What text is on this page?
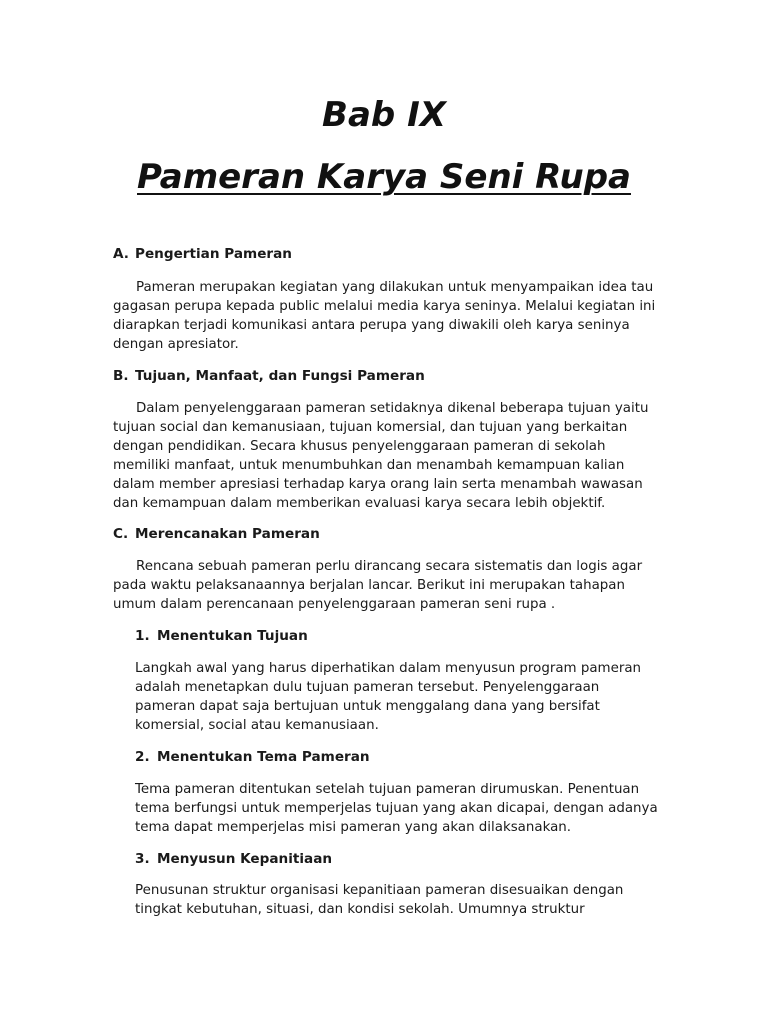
Bab IX
Pameran Karya Seni Rupa
A. Pengertian Pameran
Pameran merupakan kegiatan yang dilakukan untuk menyampaikan idea tau
gagasan perupa kepada public melalui media karya seninya. Melalui kegiatan ini
diarapkan terjadi komunikasi antara perupa yang diwakili oleh karya seninya
dengan apresiator.
B. Tujuan, Manfaat, dan Fungsi Pameran
Dalam penyelenggaraan pameran setidaknya dikenal beberapa tujuan yaitu
tujuan social dan kemanusiaan, tujuan komersial, dan tujuan yang berkaitan
dengan pendidikan. Secara khusus penyelenggaraan pameran di sekolah
memiliki manfaat, untuk menumbuhkan dan menambah kemampuan kalian
dalam member apresiasi terhadap karya orang lain serta menambah wawasan
dan kemampuan dalam memberikan evaluasi karya secara lebih objektif.
C. Merencanakan Pameran
Rencana sebuah pameran perlu dirancang secara sistematis dan logis agar
pada waktu pelaksanaannya berjalan lancar. Berikut ini merupakan tahapan
umum dalam perencanaan penyelenggaraan pameran seni rupa .
1. Menentukan Tujuan
Langkah awal yang harus diperhatikan dalam menyusun program pameran
adalah menetapkan dulu tujuan pameran tersebut. Penyelenggaraan
pameran dapat saja bertujuan untuk menggalang dana yang bersifat
komersial, social atau kemanusiaan.
2. Menentukan Tema Pameran
Tema pameran ditentukan setelah tujuan pameran dirumuskan. Penentuan
tema berfungsi untuk memperjelas tujuan yang akan dicapai, dengan adanya
tema dapat memperjelas misi pameran yang akan dilaksanakan.
3. Menyusun Kepanitiaan
Penusunan struktur organisasi kepanitiaan pameran disesuaikan dengan
tingkat kebutuhan, situasi, dan kondisi sekolah. Umumnya struktur
